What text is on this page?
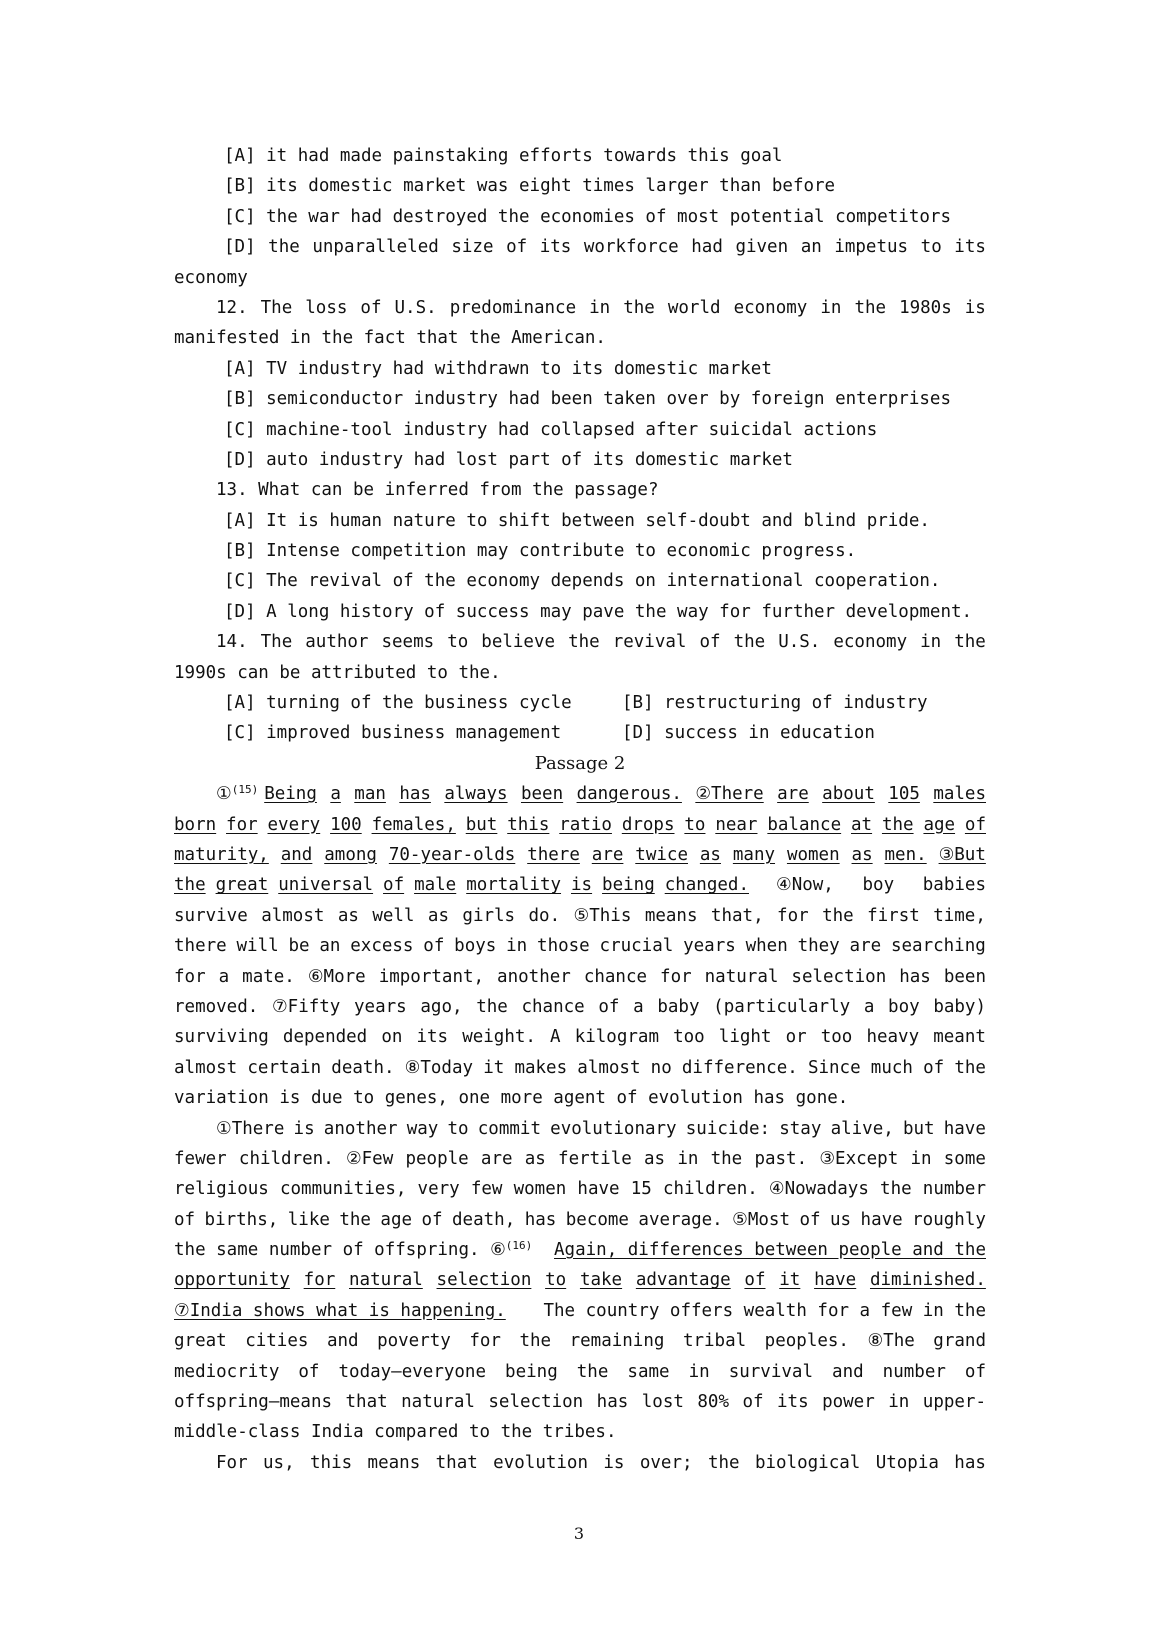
[A] it had made painstaking efforts towards this goal
[B] its domestic market was eight times larger than before
[C] the war had destroyed the economies of most potential competitors
[D] the unparalleled size of its workforce had given an impetus to its
economy
12. The loss of U.S. predominance in the world economy in the 1980s is
manifested in the fact that the American.
[A] TV industry had withdrawn to its domestic market
[B] semiconductor industry had been taken over by foreign enterprises
[C] machine-tool industry had collapsed after suicidal actions
[D] auto industry had lost part of its domestic market
13. What can be inferred from the passage?
[A] It is human nature to shift between self-doubt and blind pride.
[B] Intense competition may contribute to economic progress.
[C] The revival of the economy depends on international cooperation.
[D] A long history of success may pave the way for further development.
14. The author seems to believe the revival of the U.S. economy in the
1990s can be attributed to the.
[A] turning of the business cycle	[B] restructuring of industry
[C] improved business management	[D] success in education
Passage 2
①$^{(15)}$ Being a man has always been dangerous. ②There are about 105 males
born for every 100 females, but this ratio drops to near balance at the age of
maturity, and among 70-year-olds there are twice as many women as men. ③But
the great universal of male mortality is being changed. ④Now, boy babies
survive almost as well as girls do. ⑤This means that, for the first time,
there will be an excess of boys in those crucial years when they are searching
for a mate. ⑥More important, another chance for natural selection has been
removed. ⑦Fifty years ago, the chance of a baby (particularly a boy baby)
surviving depended on its weight. A kilogram too light or too heavy meant
almost certain death. ⑧Today it makes almost no difference. Since much of the
variation is due to genes, one more agent of evolution has gone.
①There is another way to commit evolutionary suicide: stay alive, but have
fewer children. ②Few people are as fertile as in the past. ③Except in some
religious communities, very few women have 15 children. ④Nowadays the number
of births, like the age of death, has become average. ⑤Most of us have roughly
the same number of offspring. ⑥$^{(16)}$ Again, differences between people and the
opportunity for natural selection to take advantage of it have diminished.
⑦India shows what is happening. The country offers wealth for a few in the
great cities and poverty for the remaining tribal peoples. ⑧The grand
mediocrity of today—everyone being the same in survival and number of
offspring—means that natural selection has lost 80% of its power in upper-
middle-class India compared to the tribes.
For us, this means that evolution is over; the biological Utopia has
3
